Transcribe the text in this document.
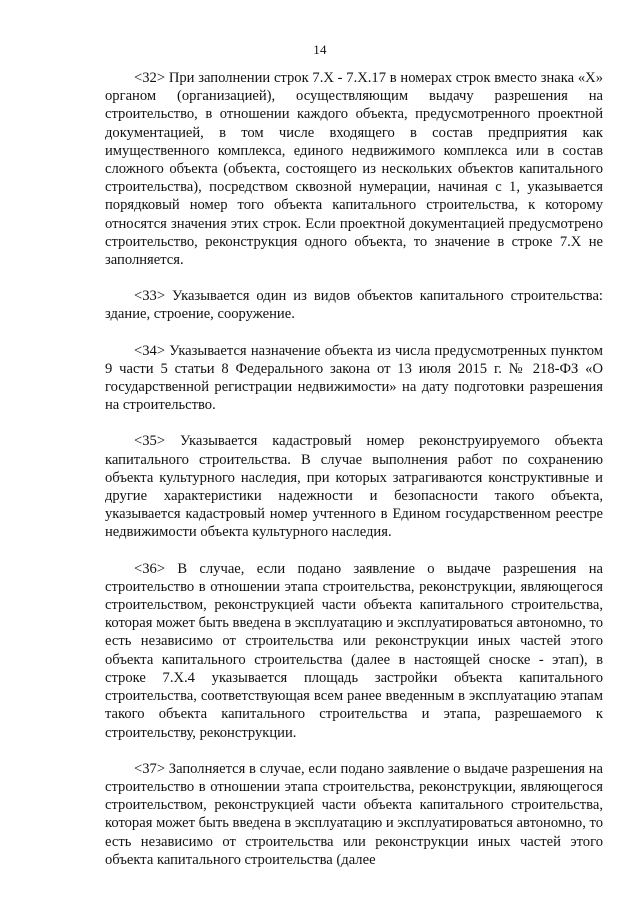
14

<32> При заполнении строк 7.Х - 7.Х.17 в номерах строк вместо знака «Х» органом (организацией), осуществляющим выдачу разрешения на строительство, в отношении каждого объекта, предусмотренного проектной документацией, в том числе входящего в состав предприятия как имущественного комплекса, единого недвижимого комплекса или в состав сложного объекта (объекта, состоящего из нескольких объектов капитального строительства), посредством сквозной нумерации, начиная с 1, указывается порядковый номер того объекта капитального строительства, к которому относятся значения этих строк. Если проектной документацией предусмотрено строительство, реконструкция одного объекта, то значение в строке 7.Х не заполняется.

<33> Указывается один из видов объектов капитального строительства: здание, строение, сооружение.

<34> Указывается назначение объекта из числа предусмотренных пунктом 9 части 5 статьи 8 Федерального закона от 13 июля 2015 г. № 218-ФЗ «О государственной регистрации недвижимости» на дату подготовки разрешения на строительство.

<35> Указывается кадастровый номер реконструируемого объекта капитального строительства. В случае выполнения работ по сохранению объекта культурного наследия, при которых затрагиваются конструктивные и другие характеристики надежности и безопасности такого объекта, указывается кадастровый номер учтенного в Едином государственном реестре недвижимости объекта культурного наследия.

<36> В случае, если подано заявление о выдаче разрешения на строительство в отношении этапа строительства, реконструкции, являющегося строительством, реконструкцией части объекта капитального строительства, которая может быть введена в эксплуатацию и эксплуатироваться автономно, то есть независимо от строительства или реконструкции иных частей этого объекта капитального строительства (далее в настоящей сноске - этап), в строке 7.Х.4 указывается площадь застройки объекта капитального строительства, соответствующая всем ранее введенным в эксплуатацию этапам такого объекта капитального строительства и этапа, разрешаемого к строительству, реконструкции.

<37> Заполняется в случае, если подано заявление о выдаче разрешения на строительство в отношении этапа строительства, реконструкции, являющегося строительством, реконструкцией части объекта капитального строительства, которая может быть введена в эксплуатацию и эксплуатироваться автономно, то есть независимо от строительства или реконструкции иных частей этого объекта капитального строительства (далее
